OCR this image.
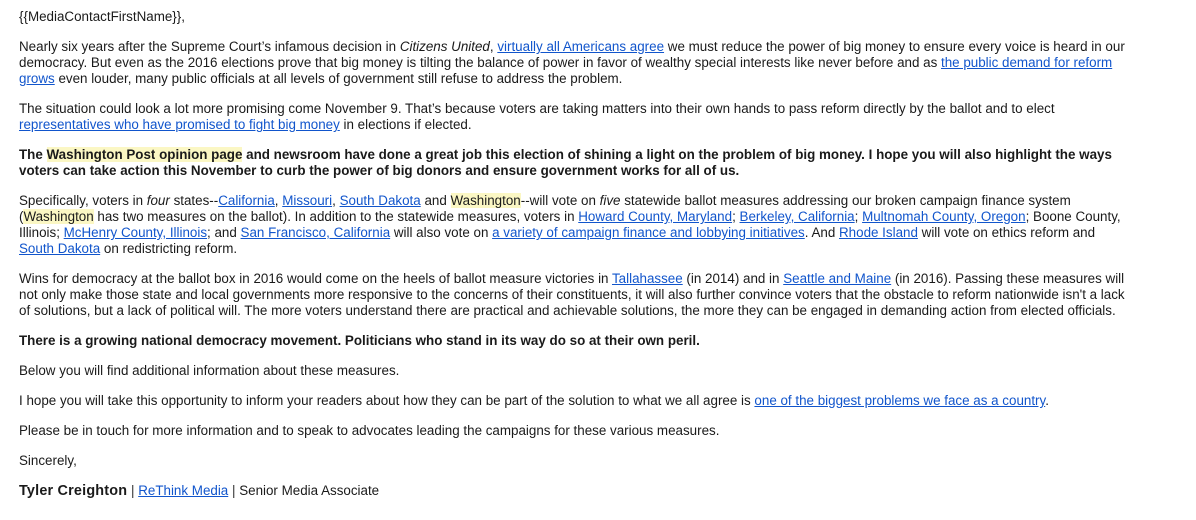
{{MediaContactFirstName}},

Nearly six years after the Supreme Court’s infamous decision in Citizens United, virtually all Americans agree we must reduce the power of big money to ensure every voice is heard in our democracy. But even as the 2016 elections prove that big money is tilting the balance of power in favor of wealthy special interests like never before and as the public demand for reform grows even louder, many public officials at all levels of government still refuse to address the problem.

The situation could look a lot more promising come November 9. That’s because voters are taking matters into their own hands to pass reform directly by the ballot and to elect representatives who have promised to fight big money in elections if elected.

The Washington Post opinion page and newsroom have done a great job this election of shining a light on the problem of big money. I hope you will also highlight the ways voters can take action this November to curb the power of big donors and ensure government works for all of us.

Specifically, voters in four states--California, Missouri, South Dakota and Washington--will vote on five statewide ballot measures addressing our broken campaign finance system (Washington has two measures on the ballot). In addition to the statewide measures, voters in Howard County, Maryland; Berkeley, California; Multnomah County, Oregon; Boone County, Illinois; McHenry County, Illinois; and San Francisco, California will also vote on a variety of campaign finance and lobbying initiatives. And Rhode Island will vote on ethics reform and South Dakota on redistricting reform.

Wins for democracy at the ballot box in 2016 would come on the heels of ballot measure victories in Tallahassee (in 2014) and in Seattle and Maine (in 2016). Passing these measures will not only make those state and local governments more responsive to the concerns of their constituents, it will also further convince voters that the obstacle to reform nationwide isn't a lack of solutions, but a lack of political will. The more voters understand there are practical and achievable solutions, the more they can be engaged in demanding action from elected officials.

There is a growing national democracy movement. Politicians who stand in its way do so at their own peril.

Below you will find additional information about these measures.

I hope you will take this opportunity to inform your readers about how they can be part of the solution to what we all agree is one of the biggest problems we face as a country.

Please be in touch for more information and to speak to advocates leading the campaigns for these various measures.

Sincerely,

Tyler Creighton | ReThink Media | Senior Media Associate
